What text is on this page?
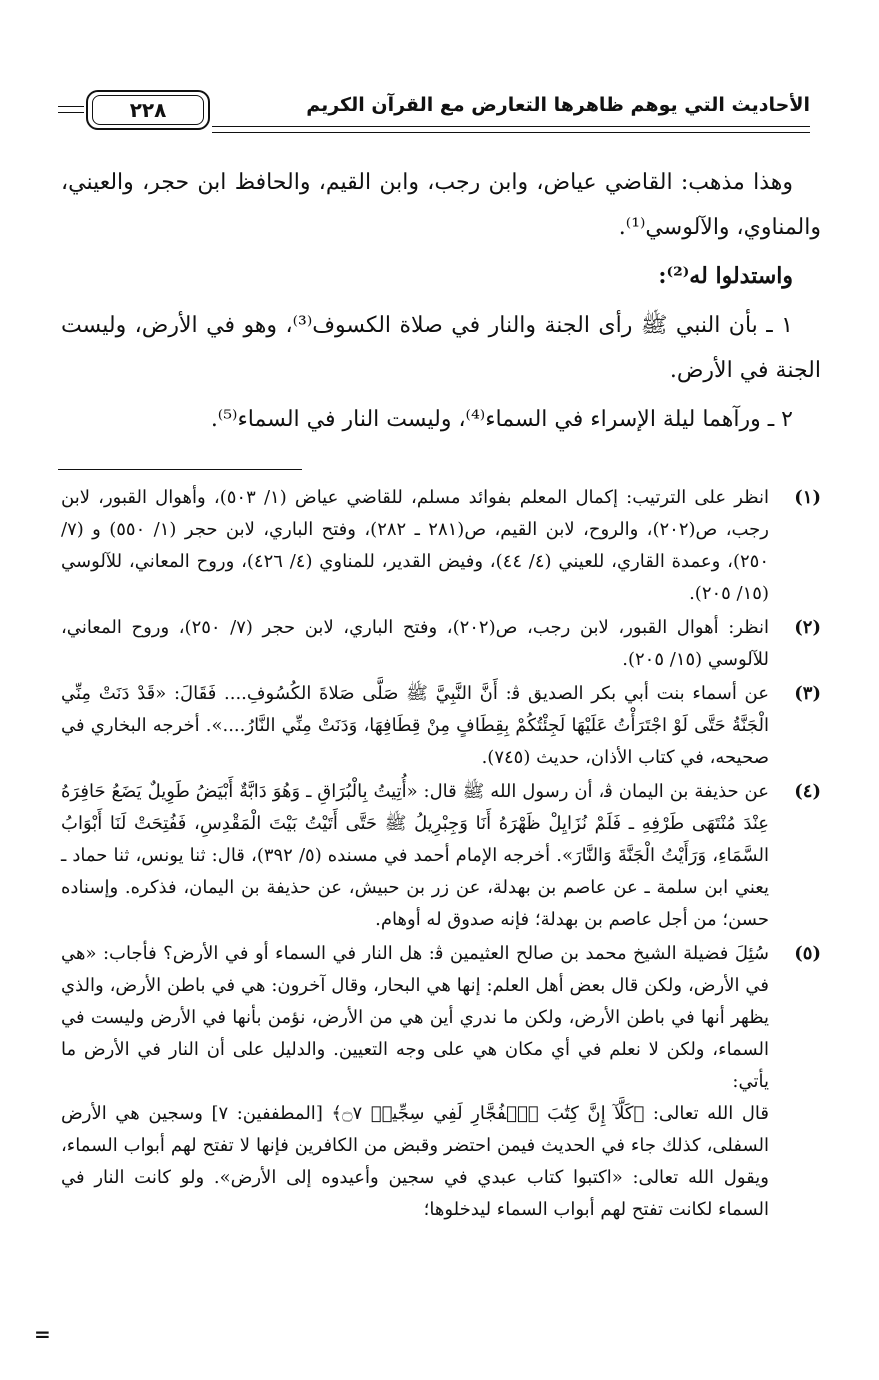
٢٢٨	الأحاديث التي يوهم ظاهرها التعارض مع القرآن الكريم

وهذا مذهب: القاضي عياض، وابن رجب، وابن القيم، والحافظ ابن حجر، والعيني، والمناوي، والآلوسي⁽¹⁾.

واستدلوا له⁽²⁾:

١ ـ بأن النبي ﷺ رأى الجنة والنار في صلاة الكسوف⁽³⁾، وهو في الأرض، وليست الجنة في الأرض.

٢ ـ ورآهما ليلة الإسراء في السماء⁽⁴⁾، وليست النار في السماء⁽⁵⁾.

(١)
انظر على الترتيب: إكمال المعلم بفوائد مسلم، للقاضي عياض (١/ ٥٠٣)، وأهوال القبور، لابن رجب، ص(٢٠٢)، والروح، لابن القيم، ص(٢٨١ ـ ٢٨٢)، وفتح الباري، لابن حجر (١/ ٥٥٠) و (٧/ ٢٥٠)، وعمدة القاري، للعيني (٤/ ٤٤)، وفيض القدير، للمناوي (٤/ ٤٢٦)، وروح المعاني، للآلوسي (١٥/ ٢٠٥).
(٢)
انظر: أهوال القبور، لابن رجب، ص(٢٠٢)، وفتح الباري، لابن حجر (٧/ ٢٥٠)، وروح المعاني، للآلوسي (١٥/ ٢٠٥).
(٣)
عن أسماء بنت أبي بكر الصديق ﭬ: أَنَّ النَّبِيَّ ﷺ صَلَّى صَلاةَ الكُسُوفِ.... فَقَالَ: «قَدْ دَنَتْ مِنِّي الْجَنَّةُ حَتَّى لَوْ اجْتَرَأْتُ عَلَيْهَا لَجِئْتُكُمْ بِقِطَافٍ مِنْ قِطَافِهَا، وَدَنَتْ مِنِّي النَّارُ....». أخرجه البخاري في صحيحه، في كتاب الأذان، حديث (٧٤٥).
(٤)
عن حذيفة بن اليمان ﭬ، أن رسول الله ﷺ قال: «أُتِيتُ بِالْبُرَاقِ ـ وَهُوَ دَابَّةٌ أَبْيَضُ طَوِيلٌ يَضَعُ حَافِرَهُ عِنْدَ مُنْتَهَى طَرْفِهِ ـ فَلَمْ نُزَايِلْ ظَهْرَهُ أَنَا وَجِبْرِيلُ ﷺ حَتَّى أَتَيْتُ بَيْتَ الْمَقْدِسِ، فَفُتِحَتْ لَنَا أَبْوَابُ السَّمَاءِ، وَرَأَيْتُ الْجَنَّةَ وَالنَّارَ». أخرجه الإمام أحمد في مسنده (٥/ ٣٩٢)، قال: ثنا يونس، ثنا حماد ـ يعني ابن سلمة ـ عن عاصم بن بهدلة، عن زر بن حبيش، عن حذيفة بن اليمان، فذكره. وإسناده حسن؛ من أجل عاصم بن بهدلة؛ فإنه صدوق له أوهام.
(٥)

سُئِلَ فضيلة الشيخ محمد بن صالح العثيمين ﭬ: هل النار في السماء أو في الأرض؟ فأجاب: «هي في الأرض، ولكن قال بعض أهل العلم: إنها هي البحار، وقال آخرون: هي في باطن الأرض، والذي يظهر أنها في باطن الأرض، ولكن ما ندري أين هي من الأرض، نؤمن بأنها في الأرض وليست في السماء، ولكن لا نعلم في أي مكان هي على وجه التعيين. والدليل على أن النار في الأرض ما يأتي:

قال الله تعالى: ﴿كَلَّآ إِنَّ كِتَٰبَ ٱلۡفُجَّارِ لَفِي سِجِّينٖ ۝٧﴾ [المطففين: ٧] وسجين هي الأرض السفلى، كذلك جاء في الحديث فيمن احتضر وقبض من الكافرين فإنها لا تفتح لهم أبواب السماء، ويقول الله تعالى: «اكتبوا كتاب عبدي في سجين وأعيدوه إلى الأرض». ولو كانت النار في السماء لكانت تفتح لهم أبواب السماء ليدخلوها؛

=
